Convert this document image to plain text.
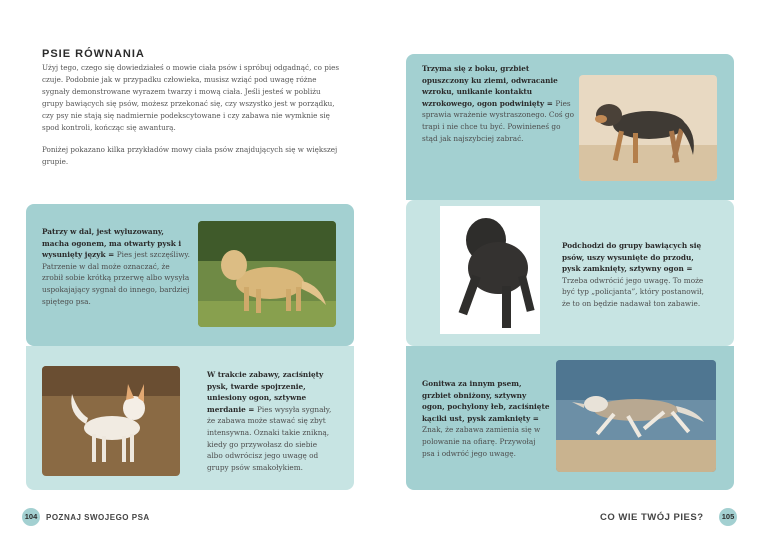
PSIE RÓWNANIA

Użyj tego, czego się dowiedziałeś o mowie ciała psów i spróbuj odgadnąć, co pies czuje. Podobnie jak w przypadku człowieka, musisz wziąć pod uwagę różne sygnały demonstrowane wyrazem twarzy i mową ciała. Jeśli jesteś w pobliżu grupy bawiących się psów, możesz przekonać się, czy wszystko jest w porządku, czy psy nie stają się nadmiernie podekscytowane i czy zabawa nie wymknie się spod kontroli, kończąc się awanturą.

Poniżej pokazano kilka przykładów mowy ciała psów znajdujących się w większej grupie.

Patrzy w dal, jest wyluzowany, macha ogonem, ma otwarty pysk i wysunięty język = Pies jest szczęśliwy. Patrzenie w dal może oznaczać, że zrobił sobie krótką przerwę albo wysyła uspokajający sygnał do innego, bardziej spiętego psa.
W trakcie zabawy, zaciśnięty pysk, twarde spojrzenie, uniesiony ogon, sztywne merdanie = Pies wysyła sygnały, że zabawa może stawać się zbyt intensywna. Oznaki takie znikną, kiedy go przywołasz do siebie albo odwrócisz jego uwagę od grupy psów smakołykiem.
104	POZNAJ SWOJEGO PSA
Trzyma się z boku, grzbiet opuszczony ku ziemi, odwracanie wzroku, unikanie kontaktu wzrokowego, ogon podwinięty = Pies sprawia wrażenie wystraszonego. Coś go trapi i nie chce tu być. Powinieneś go stąd jak najszybciej zabrać.
Podchodzi do grupy bawiących się psów, uszy wysunięte do przodu, pysk zamknięty, sztywny ogon = Trzeba odwrócić jego uwagę. To może być typ „policjanta”, który postanowił, że to on będzie nadawał ton zabawie.
Gonitwa za innym psem, grzbiet obniżony, sztywny ogon, pochylony łeb, zaciśnięte kąciki ust, pysk zamknięty = Znak, że zabawa zamienia się w polowanie na ofiarę. Przywołaj psa i odwróć jego uwagę.
CO WIE TWÓJ PIES?	105
